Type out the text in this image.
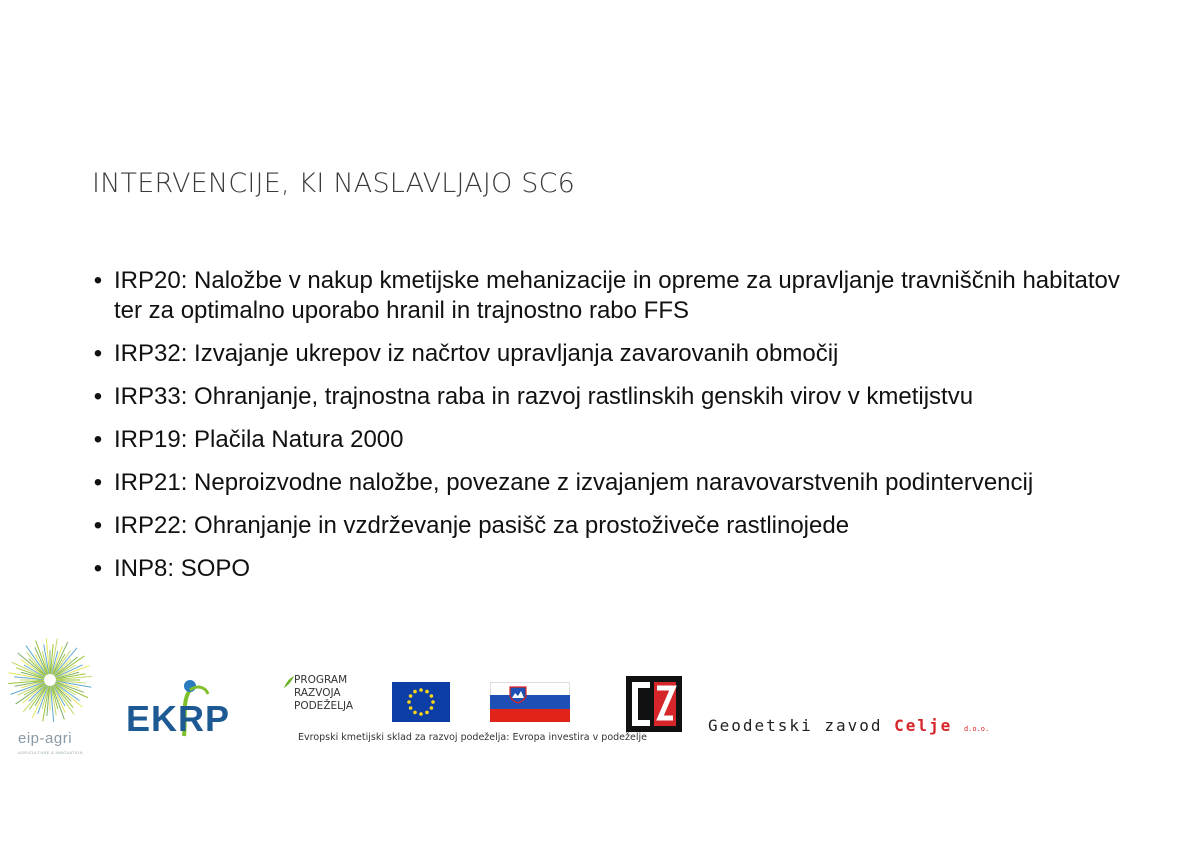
INTERVENCIJE, KI NASLAVLJAJO SC6
• IRP20: Naložbe v nakup kmetijske mehanizacije in opreme za upravljanje travniščnih habitatov ter za optimalno uporabo hranil in trajnostno rabo FFS
• IRP32: Izvajanje ukrepov iz načrtov upravljanja zavarovanih območij
• IRP33: Ohranjanje, trajnostna raba in razvoj rastlinskih genskih virov v kmetijstvu
• IRP19: Plačila Natura 2000
• IRP21: Neproizvodne naložbe, povezane z izvajanjem naravovarstvenih podintervencij
• IRP22: Ohranjanje in vzdrževanje pasišč za prostoživeče rastlinojede
• INP8: SOPO
eip-agri
AGRICULTURE & INNOVATION
EKRP
PROGRAM
RAZVOJA
PODEŽELJA
Evropski kmetijski sklad za razvoj podeželja: Evropa investira v podeželje
Geodetski zavod Celje d.o.o.
